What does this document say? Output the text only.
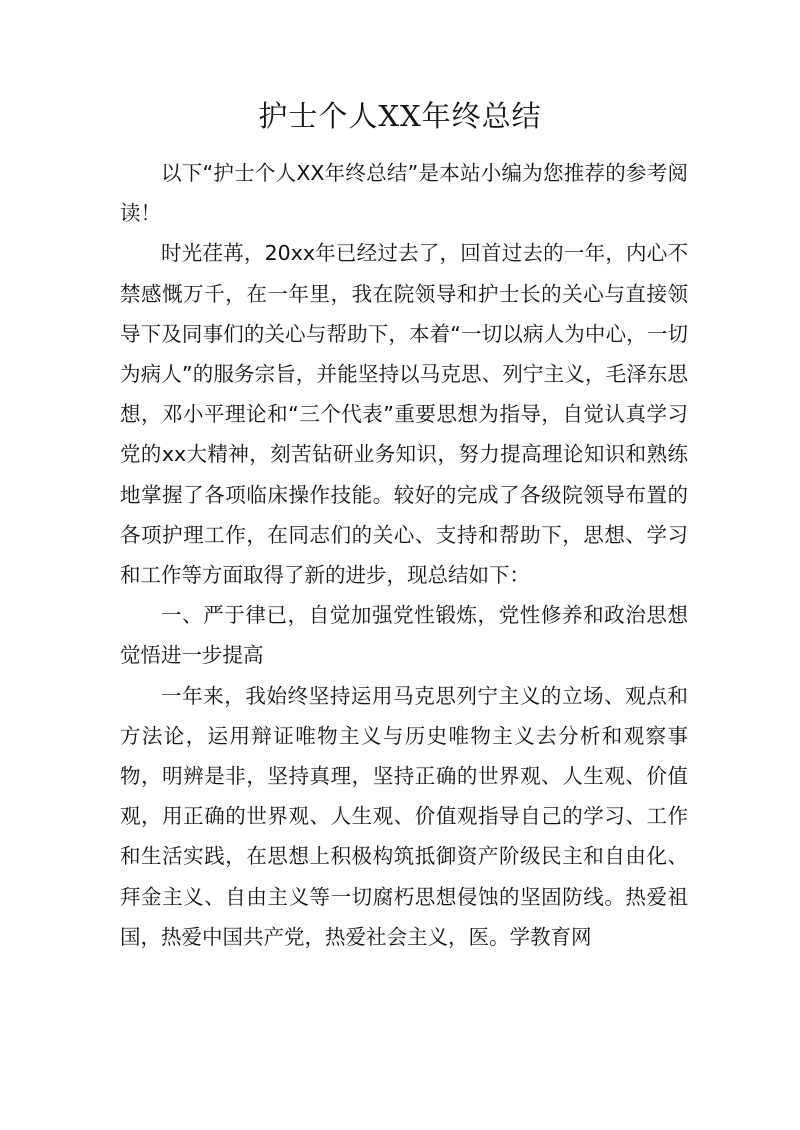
护士个人XX年终总结

以下“护士个人XX年终总结”是本站小编为您推荐的参考阅读！

时光荏苒，20xx年已经过去了，回首过去的一年，内心不禁感慨万千，在一年里，我在院领导和护士长的关心与直接领导下及同事们的关心与帮助下，本着“一切以病人为中心，一切为病人”的服务宗旨，并能坚持以马克思、列宁主义，毛泽东思想，邓小平理论和“三个代表”重要思想为指导，自觉认真学习党的xx大精神，刻苦钻研业务知识，努力提高理论知识和熟练地掌握了各项临床操作技能。较好的完成了各级院领导布置的各项护理工作，在同志们的关心、支持和帮助下，思想、学习和工作等方面取得了新的进步，现总结如下：

一、严于律已，自觉加强党性锻炼，党性修养和政治思想觉悟进一步提高

一年来，我始终坚持运用马克思列宁主义的立场、观点和方法论，运用辩证唯物主义与历史唯物主义去分析和观察事物，明辨是非，坚持真理，坚持正确的世界观、人生观、价值观，用正确的世界观、人生观、价值观指导自己的学习、工作和生活实践，在思想上积极构筑抵御资产阶级民主和自由化、拜金主义、自由主义等一切腐朽思想侵蚀的坚固防线。热爱祖国，热爱中国共产党，热爱社会主义，医。学教育网
